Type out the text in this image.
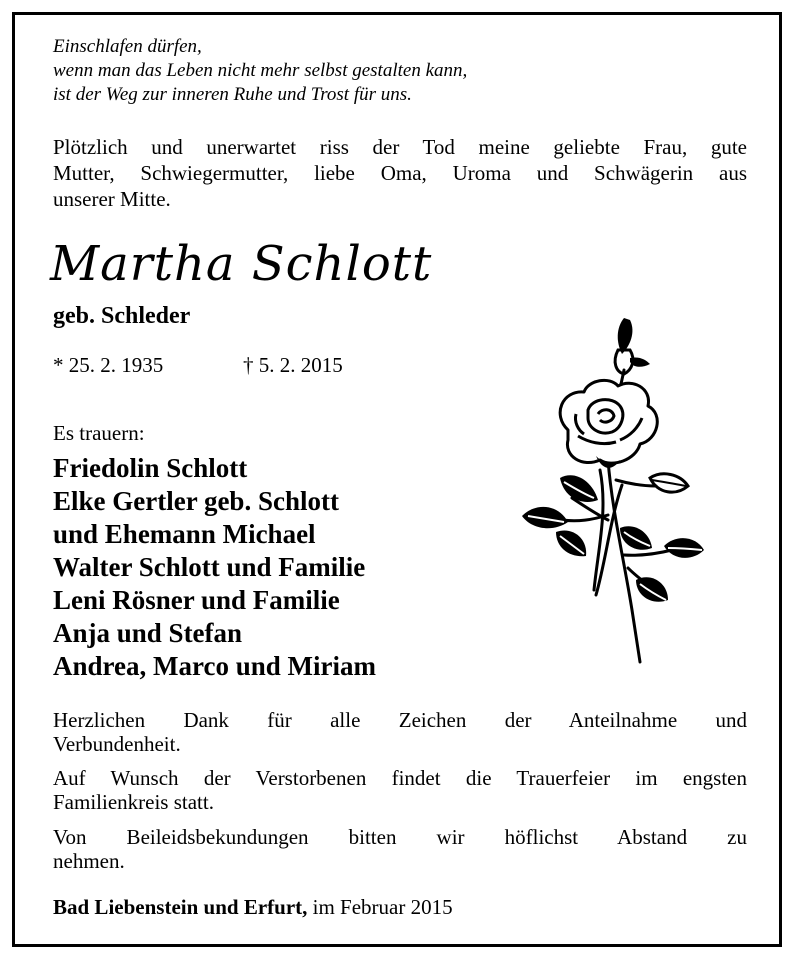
Einschlafen dürfen,
wenn man das Leben nicht mehr selbst gestalten kann,
ist der Weg zur inneren Ruhe und Trost für uns.
Plötzlich und unerwartet riss der Tod meine geliebte Frau, gute
Mutter, Schwiegermutter, liebe Oma, Uroma und Schwägerin aus
unserer Mitte.
Martha Schlott
geb. Schleder
* 25. 2. 1935	† 5. 2. 2015
Es trauern:
Friedolin Schlott
Elke Gertler geb. Schlott
und Ehemann Michael
Walter Schlott und Familie
Leni Rösner und Familie
Anja und Stefan
Andrea, Marco und Miriam
Herzlichen Dank für alle Zeichen der Anteilnahme und
Verbundenheit.
Auf Wunsch der Verstorbenen findet die Trauerfeier im engsten
Familienkreis statt.
Von Beileidsbekundungen bitten wir höflichst Abstand zu
nehmen.
Bad Liebenstein und Erfurt, im Februar 2015
